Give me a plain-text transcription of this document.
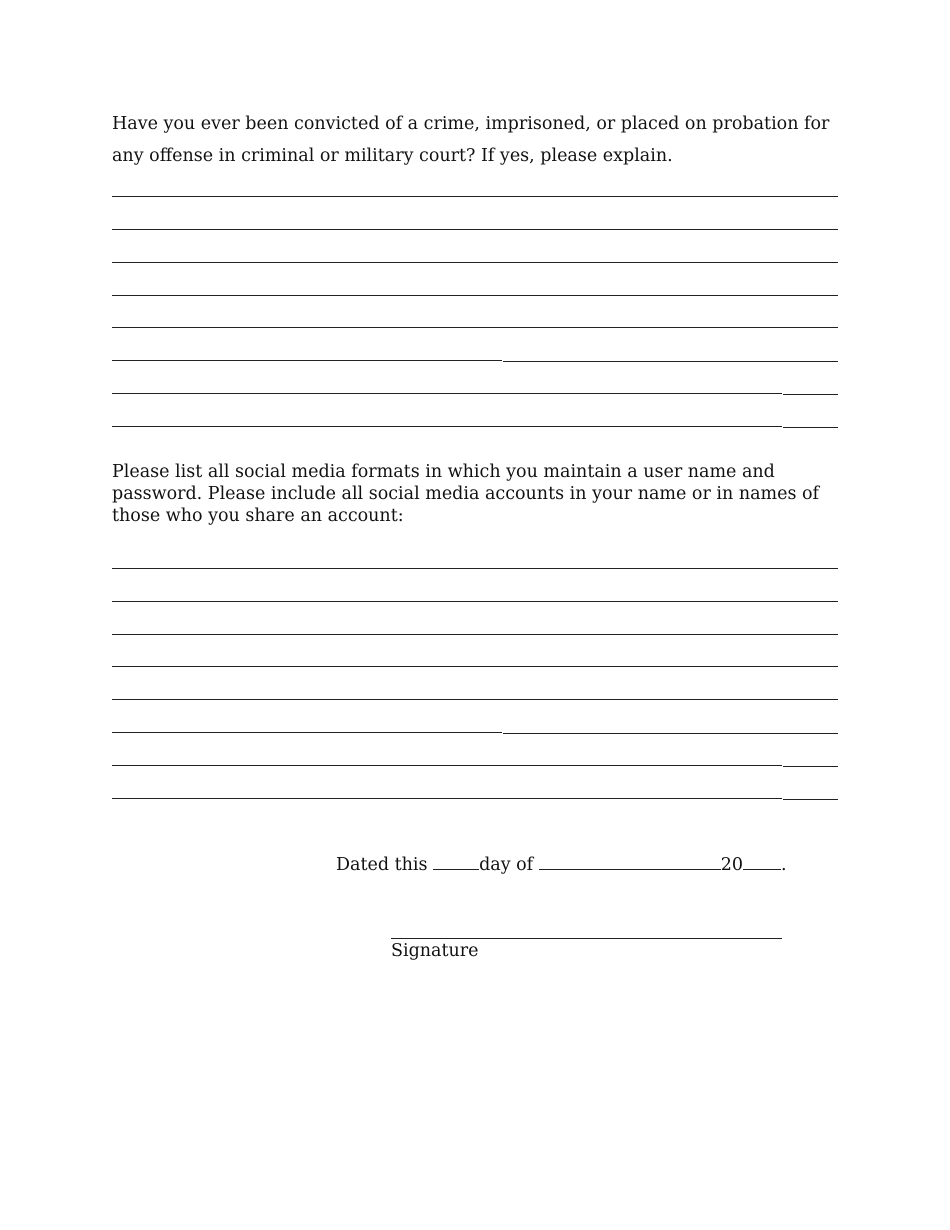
Have you ever been convicted of a crime, imprisoned, or placed on probation for any offense in criminal or military court? If yes, please explain.

Please list all social media formats in which you maintain a user name and password. Please include all social media accounts in your name or in names of those who you share an account:

Dated this	day of	20 .
Signature
